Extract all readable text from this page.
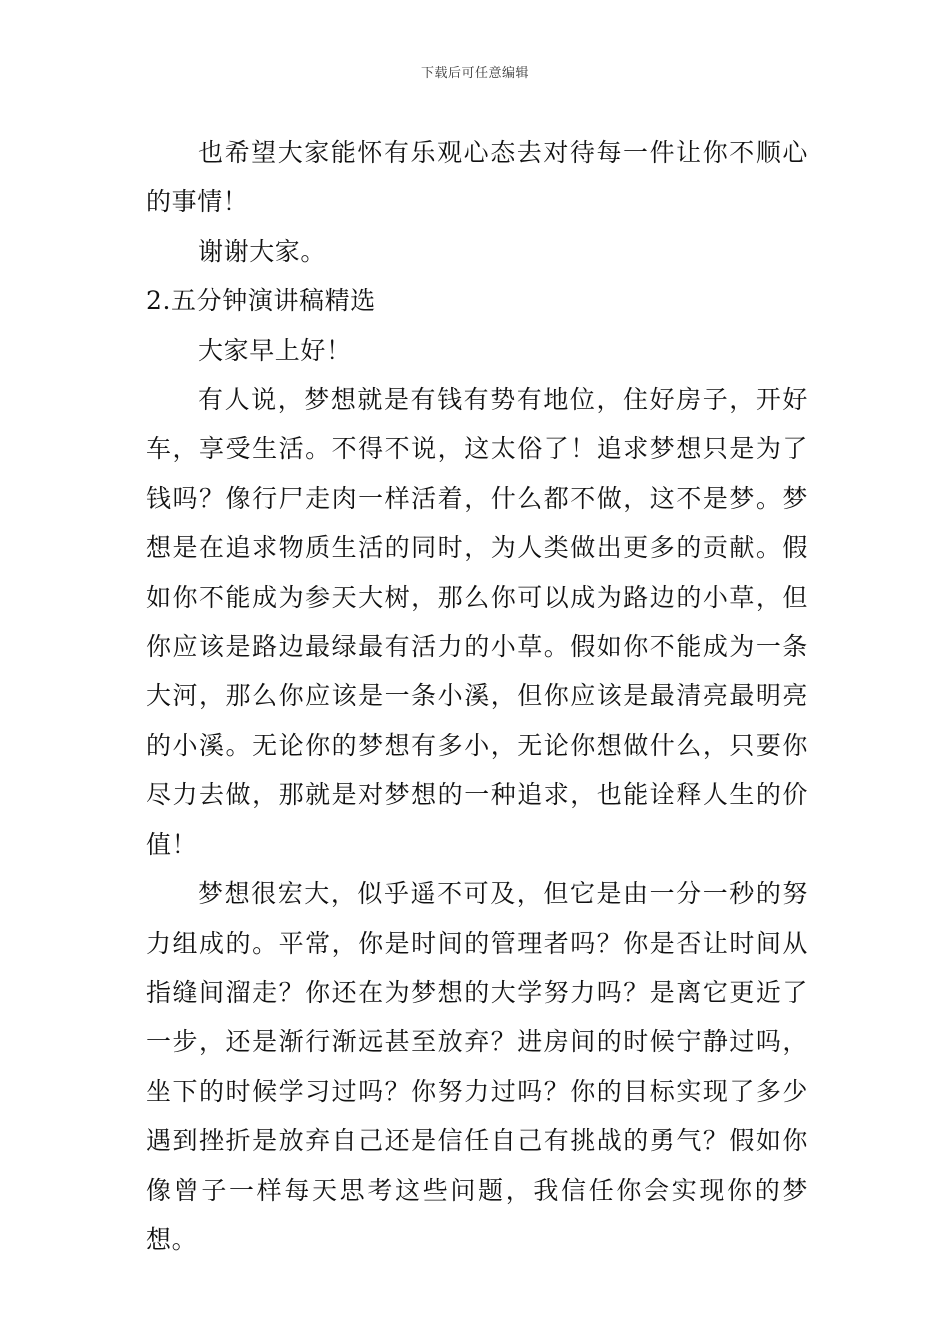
下载后可任意编辑

也希望大家能怀有乐观心态去对待每一件让你不顺心的事情！

谢谢大家。

2.五分钟演讲稿精选

大家早上好！

有人说，梦想就是有钱有势有地位，住好房子，开好车，享受生活。不得不说，这太俗了！追求梦想只是为了钱吗？像行尸走肉一样活着，什么都不做，这不是梦。梦想是在追求物质生活的同时，为人类做出更多的贡献。假如你不能成为参天大树，那么你可以成为路边的小草，但你应该是路边最绿最有活力的小草。假如你不能成为一条大河，那么你应该是一条小溪，但你应该是最清亮最明亮的小溪。无论你的梦想有多小，无论你想做什么，只要你尽力去做，那就是对梦想的一种追求，也能诠释人生的价值！

梦想很宏大，似乎遥不可及，但它是由一分一秒的努力组成的。平常，你是时间的管理者吗？你是否让时间从指缝间溜走？你还在为梦想的大学努力吗？是离它更近了一步，还是渐行渐远甚至放弃？进房间的时候宁静过吗，坐下的时候学习过吗？你努力过吗？你的目标实现了多少遇到挫折是放弃自己还是信任自己有挑战的勇气？假如你像曾子一样每天思考这些问题，我信任你会实现你的梦想。
